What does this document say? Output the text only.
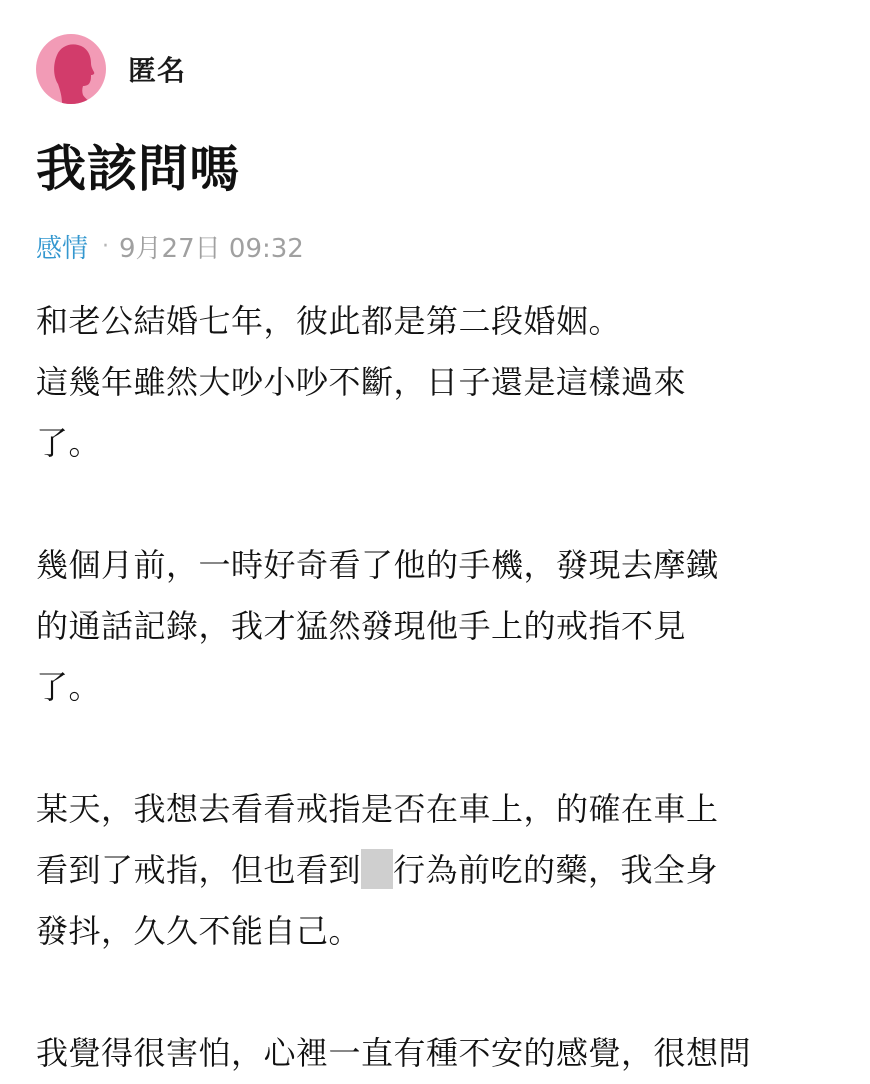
匿名
我該問嗎
感情 · 9月27日 09:32

和老公結婚七年，彼此都是第二段婚姻。
這幾年雖然大吵小吵不斷，日子還是這樣過來
了。

幾個月前，一時好奇看了他的手機，發現去摩鐵
的通話記錄，我才猛然發現他手上的戒指不見
了。

某天，我想去看看戒指是否在車上，的確在車上
看到了戒指，但也看到 行為前吃的藥，我全身
發抖，久久不能自己。

我覺得很害怕，心裡一直有種不安的感覺，很想問
